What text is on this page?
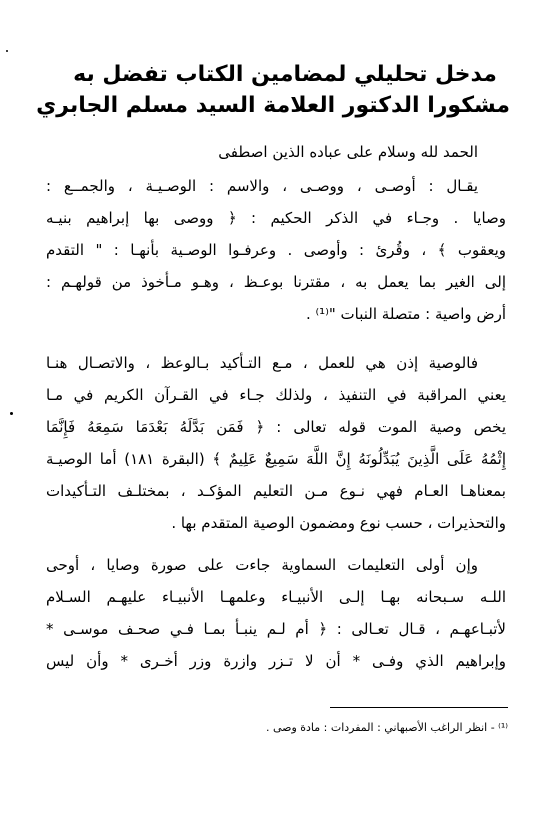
مدخل تحليلي لمضامين الكتاب تفضل به
مشكورا الدكتور العلامة السيد مسلم الجابري
الحمد لله وسلام على عباده الذين اصطفى
يقـال : أوصـى ، ووصـى ، والاسم : الوصـيـة ، والجمــع :
وصايا . وجـاء في الذكر الحكيم : ﴿ ووصى بها إبراهيم بنيـه
ويعقوب ﴾ ، وقُرئ : وأوصى . وعرفـوا الوصـية بأنهـا : " التقدم
إلى الغير بما يعمل به ، مقترنا بوعـظ ، وهـو مـأخوذ من قولهـم :
أرض واصية : متصلة النبات "⁽¹⁾ .
فالوصية إذن هي للعمل ، مـع التـأكيد بـالوعظ ، والاتصـال هنـا
يعني المراقبة في التنفيذ ، ولذلك جـاء في القـرآن الكريم في مـا
يخص وصية الموت قوله تعالى : ﴿ فَمَن بَدَّلَهُ بَعْدَمَا سَمِعَهُ فَإِنَّمَا
إِثْمُهُ عَلَى الَّذِينَ يُبَدِّلُونَهُ إِنَّ اللَّهَ سَمِيعٌ عَلِيمٌ ﴾ (البقرة ١٨١) أما الوصيـة
بمعناهـا العـام فهي نـوع مـن التعليم المؤكـد ، بمختلـف التـأكيدات
والتحذيرات ، حسب نوع ومضمون الوصية المتقدم بها .
وإن أولى التعليمات السماوية جاءت على صورة وصايا ، أوحى
اللـه سـبحانه بهـا إلـى الأنبيـاء وعلمهـا الأنبيـاء عليهـم السـلام
لأتبـاعهـم ، قـال تعـالى : ﴿ أم لـم ينبـأ بمـا فـي صحـف موسـى *
وإبراهيم الذي وفـى * أن لا تـزر وازرة وزر أخـرى * وأن ليس
⁽¹⁾ - انظر الراغب الأصبهاني : المفردات : مادة وصى .
